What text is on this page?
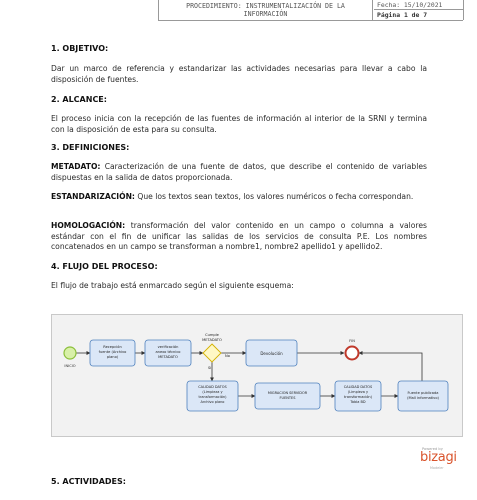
PROCEDIMIENTO: INSTRUMENTALIZACIÓN DE LA
INFORMACIÓN
Fecha: 15/10/2021
Página 1 de 7
1. OBJETIVO:
Dar un marco de referencia y estandarizar las actividades necesarias para llevar a cabo la disposición de fuentes.
2. ALCANCE:
El proceso inicia con la recepción de las fuentes de información al interior de la SRNI y termina con la disposición de esta para su consulta.
3. DEFINICIONES:
METADATO: Caracterización de una fuente de datos, que describe el contenido de variables dispuestas en la salida de datos proporcionada.
ESTANDARIZACIÓN: Que los textos sean textos, los valores numéricos o fecha correspondan.
HOMOLOGACIÓN: transformación del valor contenido en un campo o columna a valores estándar con el fin de unificar las salidas de los servicios de consulta P.E. Los nombres concatenados en un campo se transforman a nombre1, nombre2 apellido1 y apellido2.
4. FLUJO DEL PROCESO:
El flujo de trabajo está enmarcado según el siguiente esquema:
INICIO
Recepción
fuente (Archivo
plano)
verificación
anexo técnico
METADATO
Cumple
METADATO
No
Si
Devolución
FIN
CALIDAD DATOS
(Limpieza y
transformación)
Archivo plano
MIGRACION SERVIDOR
FUENTES
CALIDAD DATOS
(Limpieza y
transformación)
Tabla BD
Fuente publicada
(Mall informativo)
Powered by
bizagi
Modeler
5. ACTIVIDADES:
